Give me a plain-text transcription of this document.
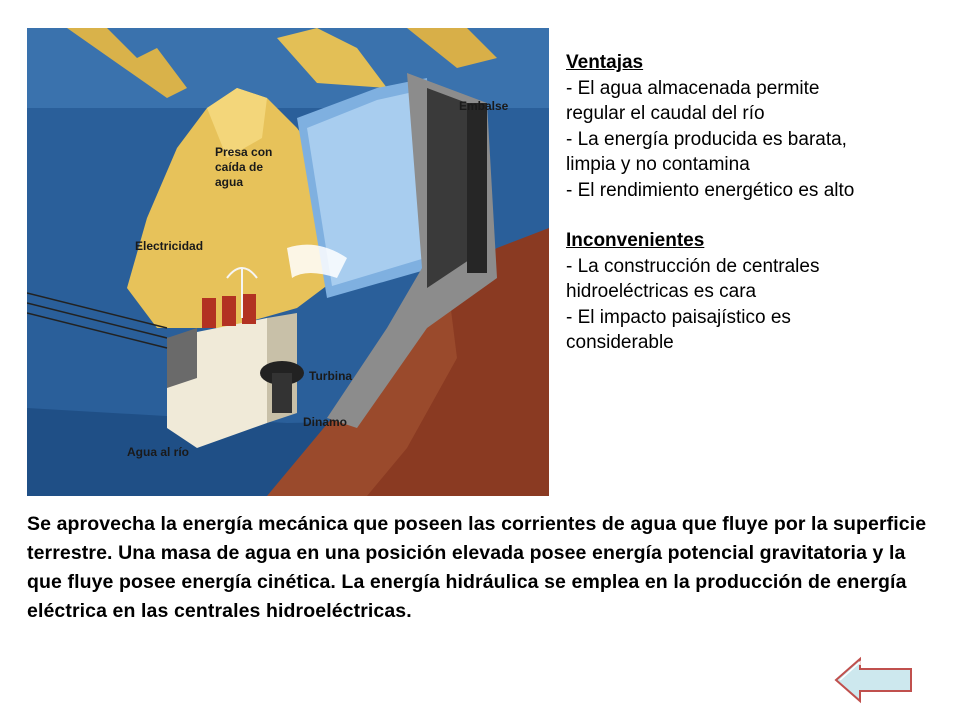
Embalse
Presa con
caída de
agua
Electricidad
Turbina
Dinamo
Agua al río
Ventajas
- El agua almacenada permite
regular el caudal del río
- La energía producida es barata,
limpia y no contamina
- El rendimiento energético es alto
Inconvenientes
- La construcción de centrales
hidroeléctricas es cara
- El impacto paisajístico es
considerable
Se aprovecha la energía mecánica que poseen las corrientes de agua que fluye por la superficie terrestre. Una masa de agua en una posición elevada posee energía potencial gravitatoria y la que fluye posee energía cinética. La energía hidráulica se emplea en la producción de energía eléctrica en las centrales hidroeléctricas.
